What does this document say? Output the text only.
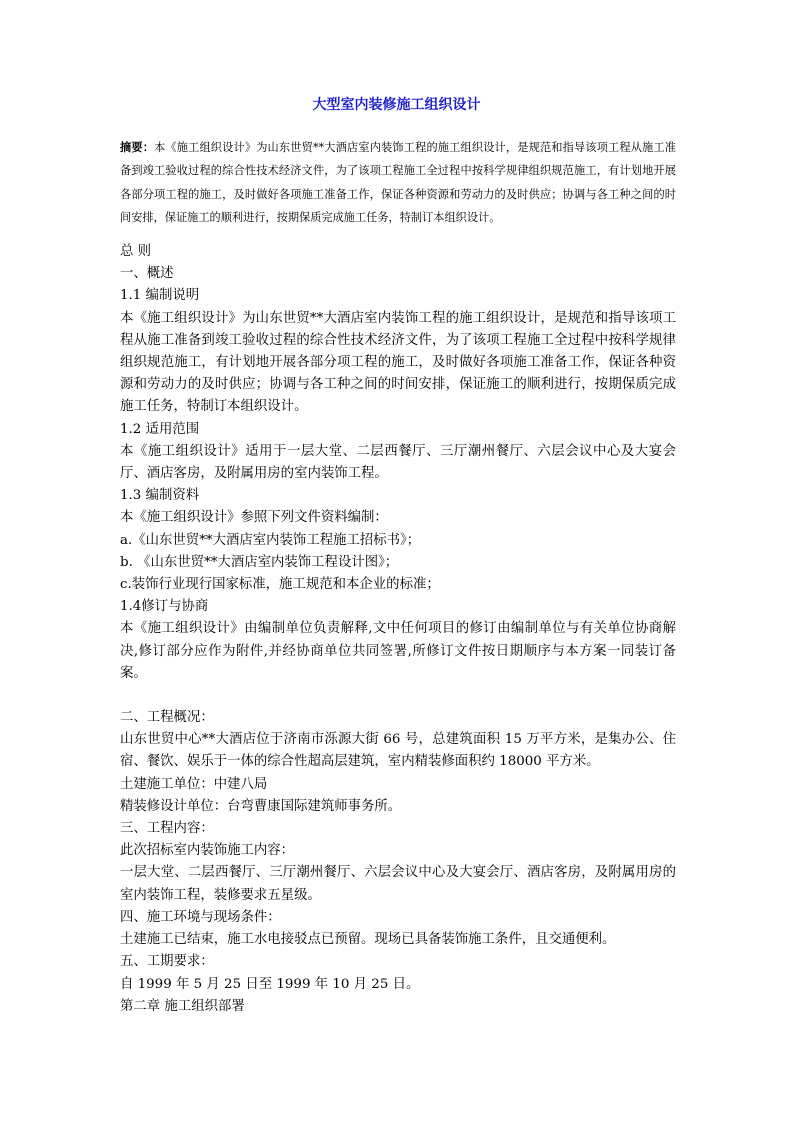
大型室内装修施工组织设计

摘要：本《施工组织设计》为山东世贸**大酒店室内装饰工程的施工组织设计，是规范和指导该项工程从施工准备到竣工验收过程的综合性技术经济文件，为了该项工程施工全过程中按科学规律组织规范施工，有计划地开展各部分项工程的施工，及时做好各项施工准备工作，保证各种资源和劳动力的及时供应；协调与各工种之间的时间安排，保证施工的顺利进行，按期保质完成施工任务，特制订本组织设计。

总 则

一、概述

1.1 编制说明

本《施工组织设计》为山东世贸**大酒店室内装饰工程的施工组织设计，是规范和指导该项工程从施工准备到竣工验收过程的综合性技术经济文件，为了该项工程施工全过程中按科学规律组织规范施工，有计划地开展各部分项工程的施工，及时做好各项施工准备工作，保证各种资源和劳动力的及时供应；协调与各工种之间的时间安排，保证施工的顺利进行，按期保质完成施工任务，特制订本组织设计。

1.2 适用范围

本《施工组织设计》适用于一层大堂、二层西餐厅、三厅潮州餐厅、六层会议中心及大宴会厅、酒店客房，及附属用房的室内装饰工程。

1.3 编制资料

本《施工组织设计》参照下列文件资料编制：

a.《山东世贸**大酒店室内装饰工程施工招标书》；

b. 《山东世贸**大酒店室内装饰工程设计图》；

c.装饰行业现行国家标准，施工规范和本企业的标准；

1.4修订与协商

本《施工组织设计》由编制单位负责解释,文中任何项目的修订由编制单位与有关单位协商解决,修订部分应作为附件,并经协商单位共同签署,所修订文件按日期顺序与本方案一同装订备案。

二、工程概况：

山东世贸中心**大酒店位于济南市泺源大街 66 号，总建筑面积 15 万平方米，是集办公、住宿、餐饮、娱乐于一体的综合性超高层建筑，室内精装修面积约 18000 平方米。

土建施工单位：中建八局

精装修设计单位：台弯曹康国际建筑师事务所。

三、工程内容：

此次招标室内装饰施工内容：

一层大堂、二层西餐厅、三厅潮州餐厅、六层会议中心及大宴会厅、酒店客房，及附属用房的室内装饰工程，装修要求五星级。

四、施工环境与现场条件：

土建施工已结束，施工水电接驳点已预留。现场已具备装饰施工条件，且交通便利。

五、工期要求：

自 1999 年 5 月 25 日至 1999 年 10 月 25 日。

第二章 施工组织部署
